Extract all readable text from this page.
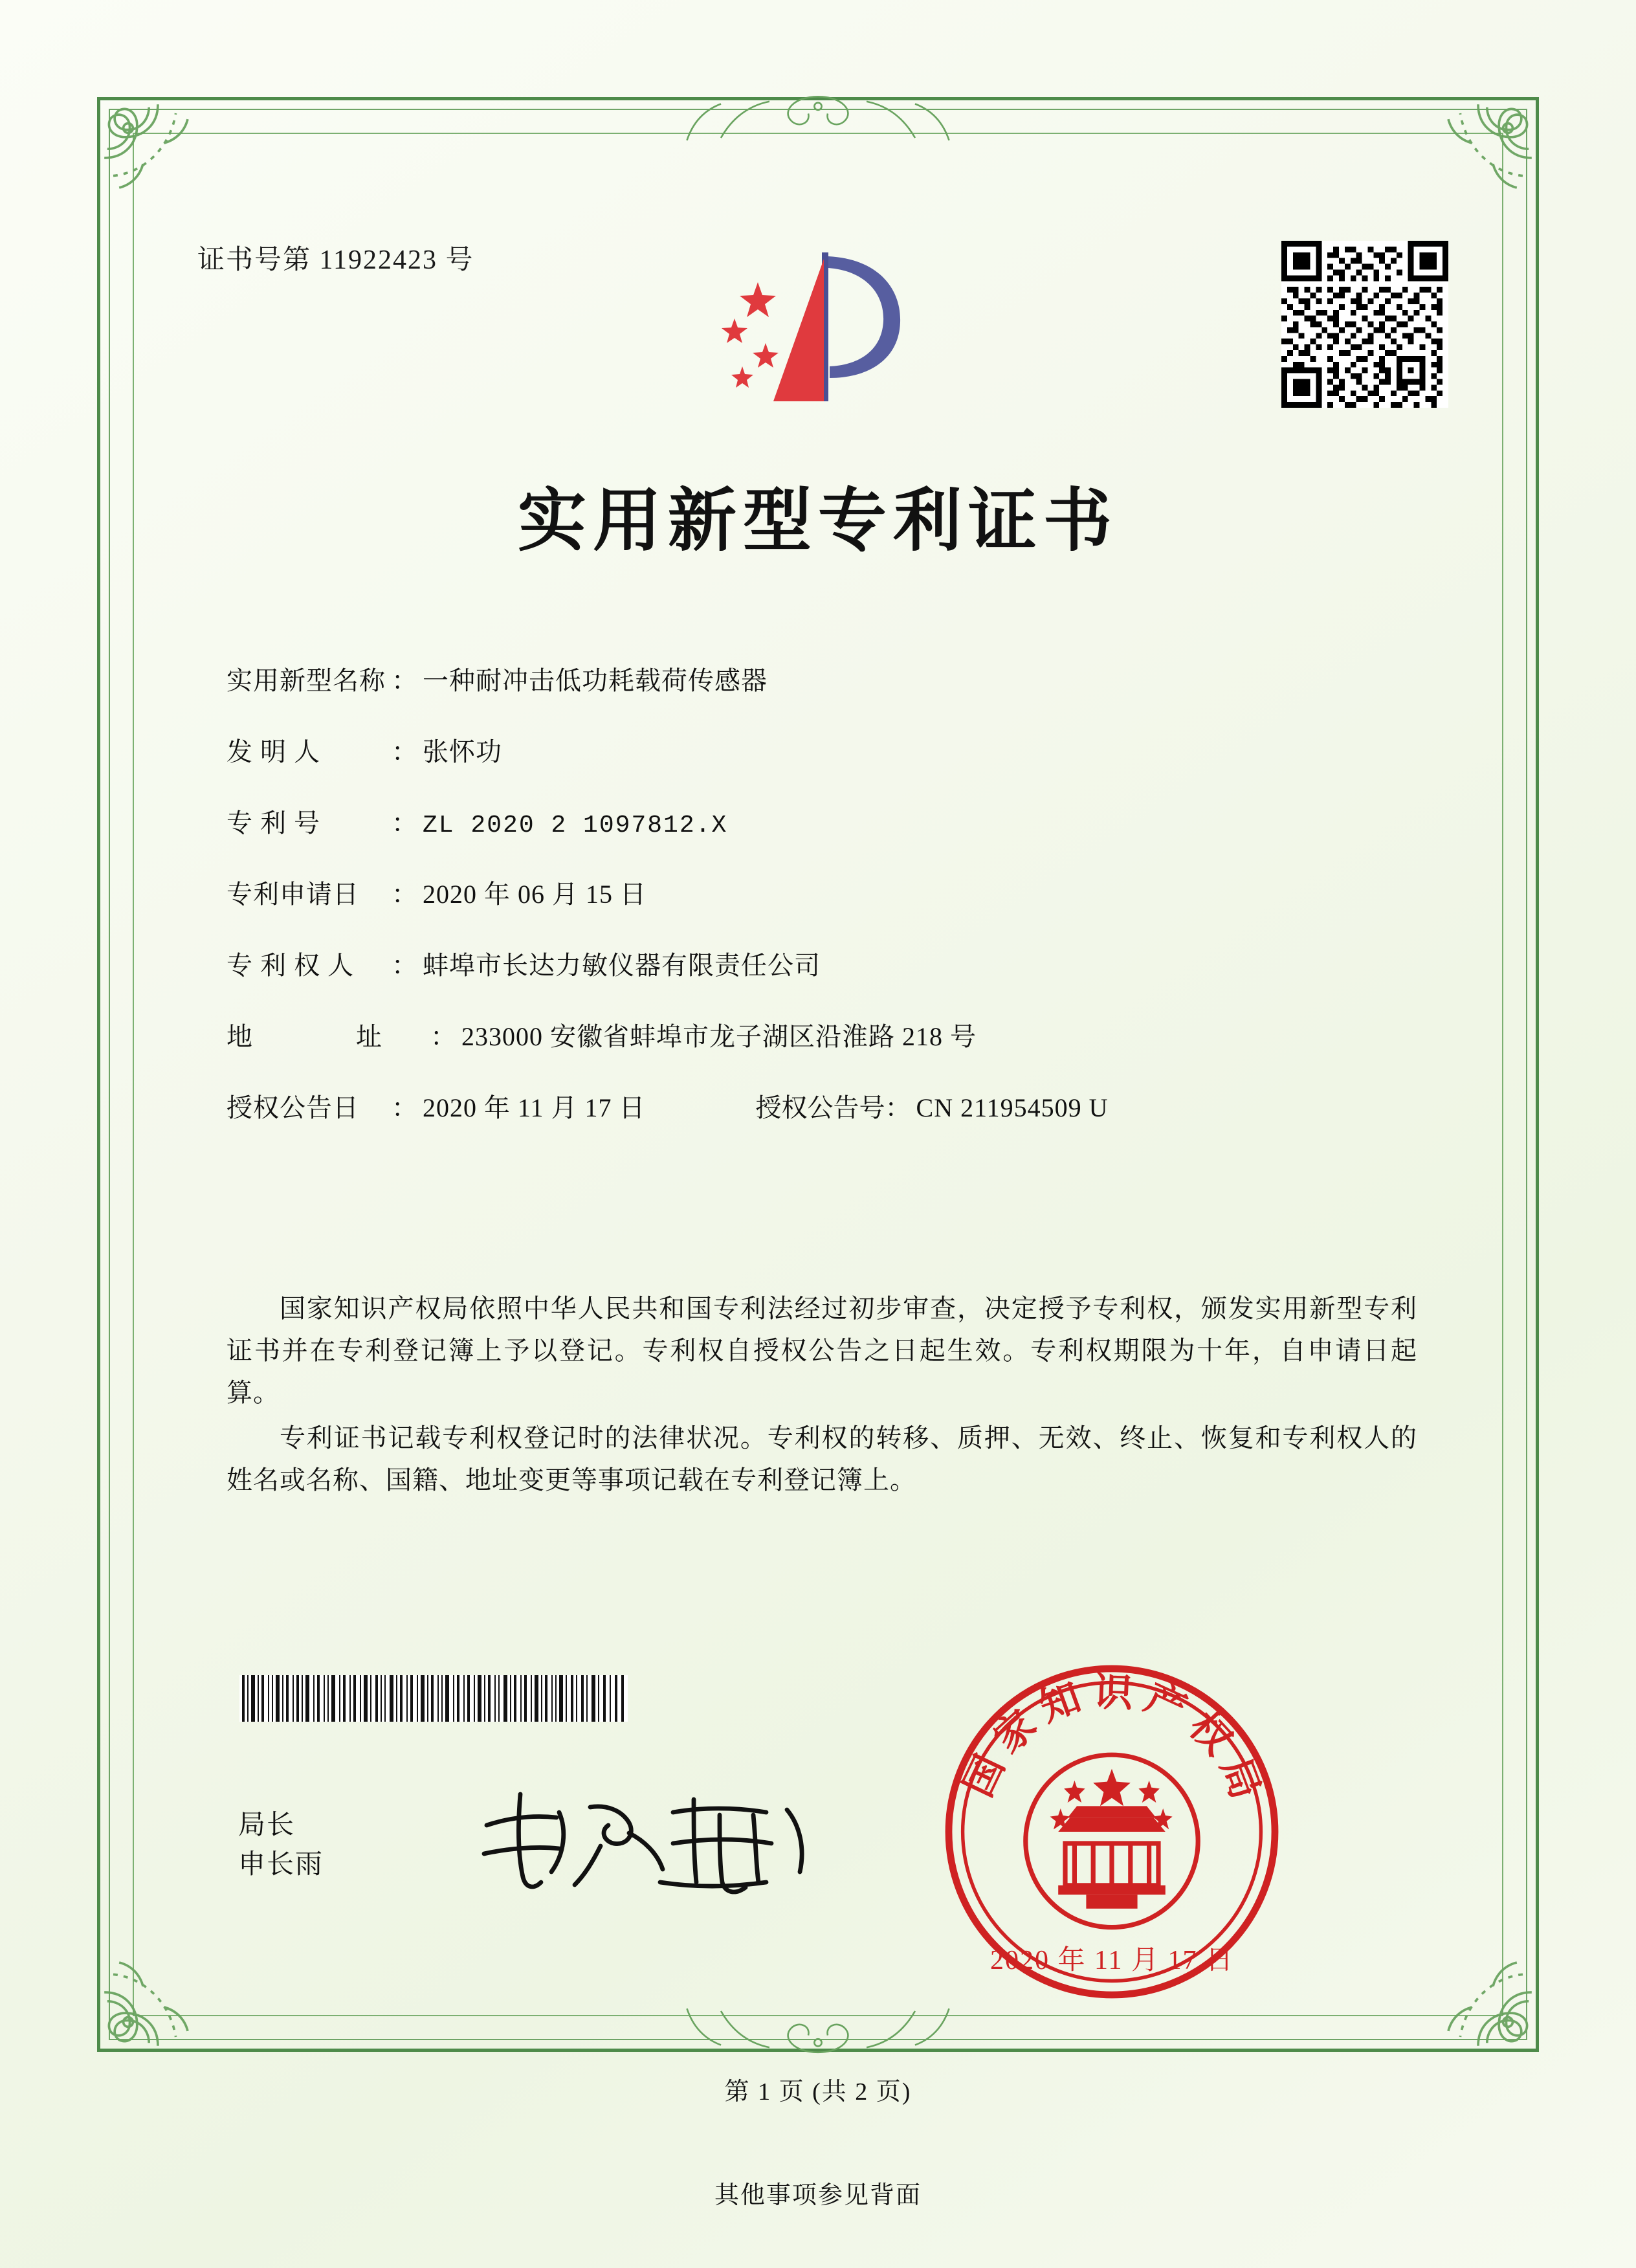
证书号第 11922423 号
实用新型专利证书
实用新型名称 ： 一种耐冲击低功耗载荷传感器
发 明 人	： 张怀功
专 利 号	： ZL 2020 2 1097812.X
专利申请日	： 2020 年 06 月 15 日
专 利 权 人	： 蚌埠市长达力敏仪器有限责任公司
地 址 ： 233000 安徽省蚌埠市龙子湖区沿淮路 218 号
授权公告日	： 2020 年 11 月 17 日	授权公告号 ： CN 211954509 U

国家知识产权局依照中华人民共和国专利法经过初步审查，决定授予专利权，颁发实用新型专利证书并在专利登记簿上予以登记。专利权自授权公告之日起生效。专利权期限为十年，自申请日起算。

专利证书记载专利权登记时的法律状况。专利权的转移、质押、无效、终止、恢复和专利权人的姓名或名称、国籍、地址变更等事项记载在专利登记簿上。

局长
申长雨
国家知识产权局
2020 年 11 月 17 日
第 1 页 (共 2 页)
其他事项参见背面
